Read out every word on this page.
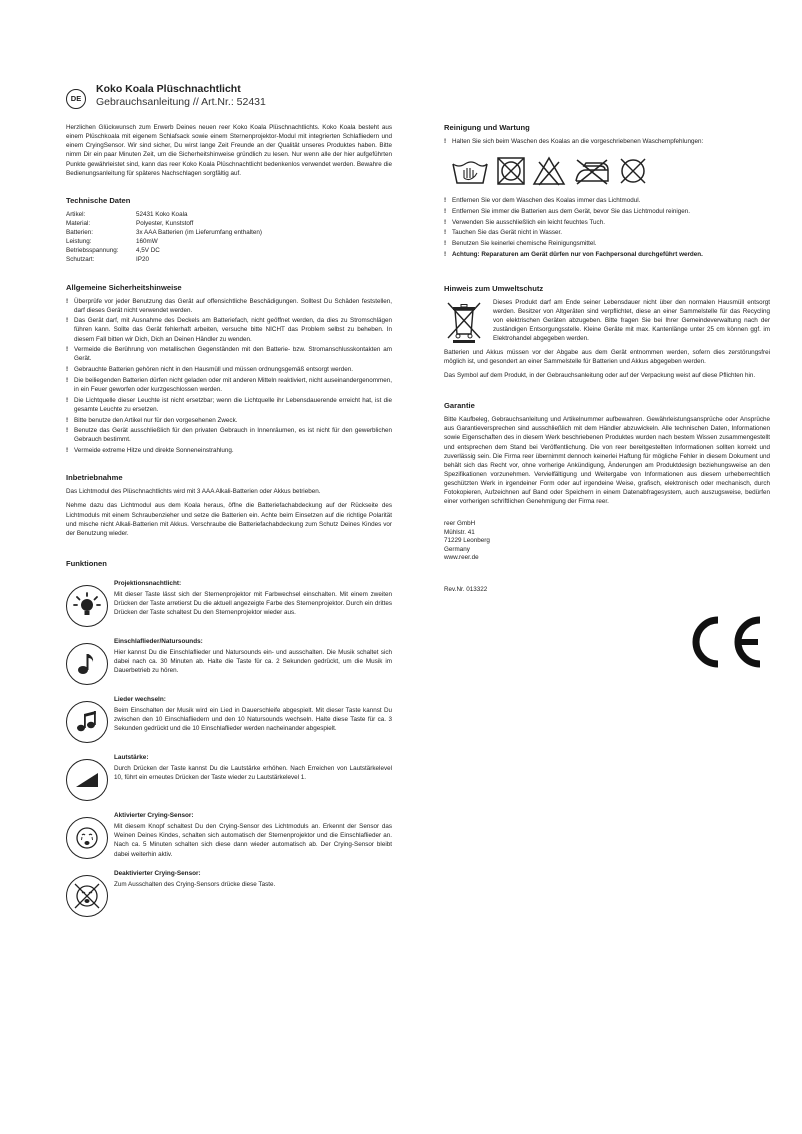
DE
Koko Koala Plüschnachtlicht
Gebrauchsanleitung // Art.Nr.: 52431

Herzlichen Glückwunsch zum Erwerb Deines neuen reer Koko Koala Plüschnachtlichts. Koko Koala besteht aus einem Plüschkoala mit eigenem Schlafsack sowie einem Sternenprojektor-Modul mit integrierten Schlafliedern und einem CryingSensor. Wir sind sicher, Du wirst lange Zeit Freunde an der Qualität unseres Produktes haben. Bitte nimm Dir ein paar Minuten Zeit, um die Sicherheitshinweise gründlich zu lesen. Nur wenn alle der hier aufgeführten Punkte gewährleistet sind, kann das reer Koko Koala Plüschnachtlicht bedenkenlos verwendet werden. Bewahre die Bedienungsanleitung für späteres Nachschlagen sorgfältig auf.

Technische Daten
Artikel:	52431 Koko Koala
Material:	Polyester, Kunststoff
Batterien:	3x AAA Batterien (im Lieferumfang enthalten)
Leistung:	160mW
Betriebsspannung:	4,5V DC
Schutzart:	IP20
Allgemeine Sicherheitshinweise
! Überprüfe vor jeder Benutzung das Gerät auf offensichtliche Beschädigungen. Solltest Du Schäden feststellen, darf dieses Gerät nicht verwendet werden.
! Das Gerät darf, mit Ausnahme des Deckels am Batteriefach, nicht geöffnet werden, da dies zu Stromschlägen führen kann. Sollte das Gerät fehlerhaft arbeiten, versuche bitte NICHT das Problem selbst zu beheben. In diesem Fall bitten wir Dich, Dich an Deinen Händler zu wenden.
! Vermeide die Berührung von metallischen Gegenständen mit den Batterie- bzw. Stromanschlusskontakten am Gerät.
! Gebrauchte Batterien gehören nicht in den Hausmüll und müssen ordnungsgemäß entsorgt werden.
! Die beiliegenden Batterien dürfen nicht geladen oder mit anderen Mitteln reaktiviert, nicht auseinandergenommen, in ein Feuer geworfen oder kurzgeschlossen werden.
! Die Lichtquelle dieser Leuchte ist nicht ersetzbar; wenn die Lichtquelle ihr Lebensdauerende erreicht hat, ist die gesamte Leuchte zu ersetzen.
! Bitte benutze den Artikel nur für den vorgesehenen Zweck.
! Benutze das Gerät ausschließlich für den privaten Gebrauch in Innenräumen, es ist nicht für den gewerblichen Gebrauch bestimmt.
! Vermeide extreme Hitze und direkte Sonneneinstrahlung.
Inbetriebnahme

Das Lichtmodul des Plüschnachtlichts wird mit 3 AAA Alkali-Batterien oder Akkus betrieben.

Nehme dazu das Lichtmodul aus dem Koala heraus, öffne die Batteriefachabdeckung auf der Rückseite des Lichtmoduls mit einem Schraubenzieher und setze die Batterien ein. Achte beim Einsetzen auf die richtige Polarität und mische nicht Alkali-Batterien mit Akkus. Verschraube die Batteriefachabdeckung zum Schutz Deines Kindes vor der Benutzung wieder.

Funktionen
Projektionsnachtlicht:
Mit dieser Taste lässt sich der Sternenprojektor mit Farbwechsel einschalten. Mit einem zweiten Drücken der Taste arretierst Du die aktuell angezeigte Farbe des Sternenprojektor. Durch ein drittes Drücken der Taste schaltest Du den Sternenprojektor wieder aus.
Einschlaflieder/Natursounds:
Hier kannst Du die Einschlaflieder und Natursounds ein- und ausschalten. Die Musik schaltet sich dabei nach ca. 30 Minuten ab. Halte die Taste für ca. 2 Sekunden gedrückt, um die Musik im Dauerbetrieb zu hören.
Lieder wechseln:
Beim Einschalten der Musik wird ein Lied in Dauerschleife abgespielt. Mit dieser Taste kannst Du zwischen den 10 Einschlafliedern und den 10 Natursounds wechseln. Halte diese Taste für ca. 3 Sekunden gedrückt und die 10 Einschlaflieder werden nacheinander abgespielt.
Lautstärke:
Durch Drücken der Taste kannst Du die Lautstärke erhöhen. Nach Erreichen von Lautstärkelevel 10, führt ein erneutes Drücken der Taste wieder zu Lautstärkelevel 1.
Aktivierter Crying-Sensor:
Mit diesem Knopf schaltest Du den Crying-Sensor des Lichtmoduls an. Erkennt der Sensor das Weinen Deines Kindes, schalten sich automatisch der Sternenprojektor und die Einschlaflieder an. Nach ca. 5 Minuten schalten sich diese dann wieder automatisch ab. Der Crying-Sensor bleibt dabei weiterhin aktiv.
Deaktivierter Crying-Sensor:
Zum Ausschalten des Crying-Sensors drücke diese Taste.
Reinigung und Wartung
! Halten Sie sich beim Waschen des Koalas an die vorgeschriebenen Waschempfehlungen:
! Entfernen Sie vor dem Waschen des Koalas immer das Lichtmodul.
! Entfernen Sie immer die Batterien aus dem Gerät, bevor Sie das Lichtmodul reinigen.
! Verwenden Sie ausschließlich ein leicht feuchtes Tuch.
! Tauchen Sie das Gerät nicht in Wasser.
! Benutzen Sie keinerlei chemische Reinigungsmittel.
! Achtung: Reparaturen am Gerät dürfen nur von Fachpersonal durchgeführt werden.
Hinweis zum Umweltschutz
Dieses Produkt darf am Ende seiner Lebensdauer nicht über den normalen Hausmüll entsorgt werden. Besitzer von Altgeräten sind verpflichtet, diese an einer Sammelstelle für das Recycling von elektrischen Geräten abzugeben. Bitte fragen Sie bei Ihrer Gemeindeverwaltung nach der zuständigen Entsorgungsstelle. Kleine Geräte mit max. Kantenlänge unter 25 cm können ggf. im Elektrohandel abgegeben werden.

Batterien und Akkus müssen vor der Abgabe aus dem Gerät entnommen werden, sofern dies zerstörungsfrei möglich ist, und gesondert an einer Sammelstelle für Batterien und Akkus abgegeben werden.

Das Symbol auf dem Produkt, in der Gebrauchsanleitung oder auf der Verpackung weist auf diese Pflichten hin.

Garantie

Bitte Kaufbeleg, Gebrauchsanleitung und Artikelnummer aufbewahren. Gewährleistungsansprüche oder Ansprüche aus Garantieversprechen sind ausschließlich mit dem Händler abzuwickeln. Alle technischen Daten, Informationen sowie Eigenschaften des in diesem Werk beschriebenen Produktes wurden nach bestem Wissen zusammengestellt und entsprechen dem Stand bei Veröffentlichung. Die von reer bereitgestellten Informationen sollten korrekt und zuverlässig sein. Die Firma reer übernimmt dennoch keinerlei Haftung für mögliche Fehler in diesem Dokument und behält sich das Recht vor, ohne vorherige Ankündigung, Änderungen am Produktdesign beziehungsweise an den Spezifikationen vorzunehmen. Vervielfältigung und Weitergabe von Informationen aus diesem urheberrechtlich geschützten Werk in irgendeiner Form oder auf irgendeine Weise, grafisch, elektronisch oder mechanisch, durch Fotokopieren, Aufzeichnen auf Band oder Speichern in einem Datenabfragesystem, auch auszugsweise, bedürfen einer vorherigen schriftlichen Genehmigung der Firma reer.

reer GmbH
Mühlstr. 41
71229 Leonberg
Germany
www.reer.de
Rev.Nr. 013322
